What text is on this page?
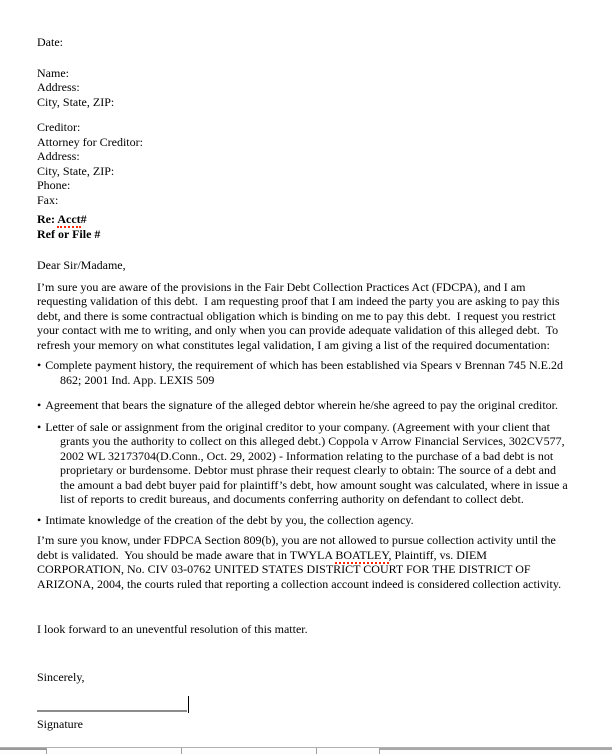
Date:

Name:

Address:

City, State, ZIP:

Creditor:

Attorney for Creditor:

Address:

City, State, ZIP:

Phone:

Fax:

Re: Acct#

Ref or File #

Dear Sir/Madame,

I’m sure you are aware of the provisions in the Fair Debt Collection Practices Act (FDCPA), and I am requesting validation of this debt.  I am requesting proof that I am indeed the party you are asking to pay this debt, and there is some contractual obligation which is binding on me to pay this debt.  I request you restrict your contact with me to writing, and only when you can provide adequate validation of this alleged debt.  To refresh your memory on what constitutes legal validation, I am giving a list of the required documentation:

• Complete payment history, the requirement of which has been established via Spears v Brennan 745 N.E.2d 862; 2001 Ind. App. LEXIS 509
• Agreement that bears the signature of the alleged debtor wherein he/she agreed to pay the original creditor.
• Letter of sale or assignment from the original creditor to your company. (Agreement with your client that grants you the authority to collect on this alleged debt.) Coppola v Arrow Financial Services, 302CV577, 2002 WL 32173704(D.Conn., Oct. 29, 2002) - Information relating to the purchase of a bad debt is not proprietary or burdensome. Debtor must phrase their request clearly to obtain: The source of a debt and the amount a bad debt buyer paid for plaintiff’s debt, how amount sought was calculated, where in issue a list of reports to credit bureaus, and documents conferring authority on defendant to collect debt.
• Intimate knowledge of the creation of the debt by you, the collection agency.

I’m sure you know, under FDPCA Section 809(b), you are not allowed to pursue collection activity until the debt is validated.  You should be made aware that in TWYLA BOATLEY, Plaintiff, vs. DIEM CORPORATION, No. CIV 03-0762 UNITED STATES DISTRICT COURT FOR THE DISTRICT OF ARIZONA, 2004, the courts ruled that reporting a collection account indeed is considered collection activity.

I look forward to an uneventful resolution of this matter.

Sincerely,

Signature
